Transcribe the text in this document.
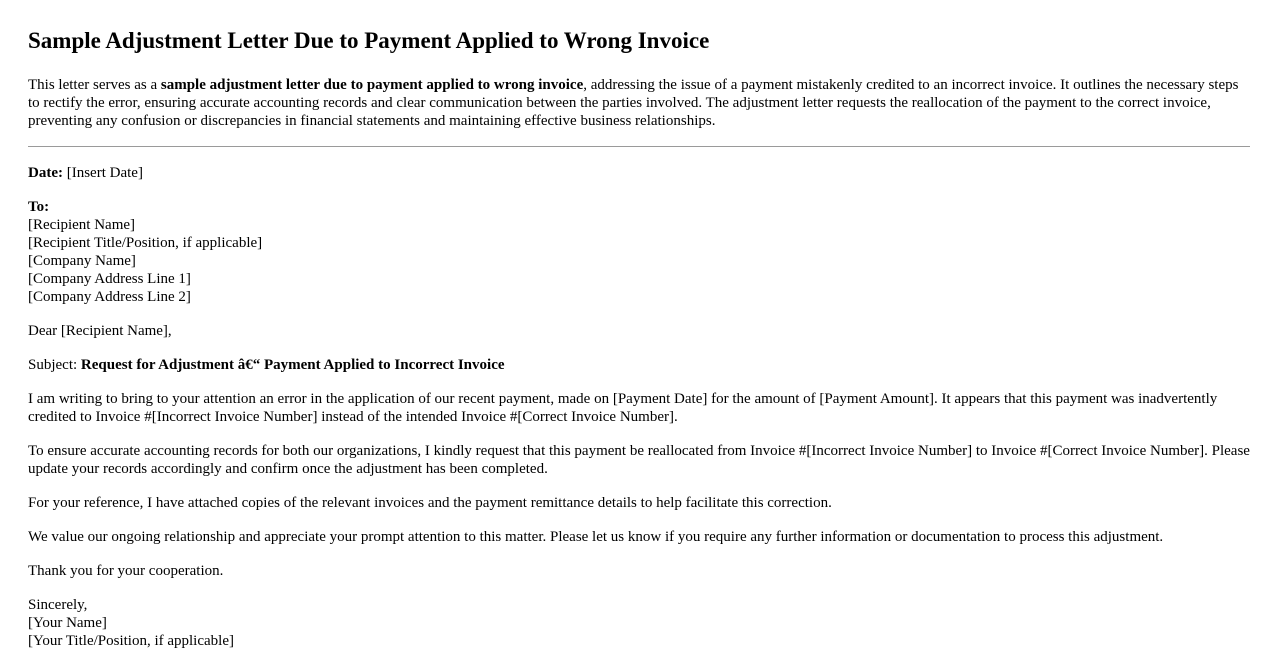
Sample Adjustment Letter Due to Payment Applied to Wrong Invoice

This letter serves as a sample adjustment letter due to payment applied to wrong invoice, addressing the issue of a payment mistakenly credited to an incorrect invoice. It outlines the necessary steps to rectify the error, ensuring accurate accounting records and clear communication between the parties involved. The adjustment letter requests the reallocation of the payment to the correct invoice, preventing any confusion or discrepancies in financial statements and maintaining effective business relationships.

Date: [Insert Date]

To:
[Recipient Name]
[Recipient Title/Position, if applicable]
[Company Name]
[Company Address Line 1]
[Company Address Line 2]

Dear [Recipient Name],

Subject: Request for Adjustment â€“ Payment Applied to Incorrect Invoice

I am writing to bring to your attention an error in the application of our recent payment, made on [Payment Date] for the amount of [Payment Amount]. It appears that this payment was inadvertently credited to Invoice #[Incorrect Invoice Number] instead of the intended Invoice #[Correct Invoice Number].

To ensure accurate accounting records for both our organizations, I kindly request that this payment be reallocated from Invoice #[Incorrect Invoice Number] to Invoice #[Correct Invoice Number]. Please update your records accordingly and confirm once the adjustment has been completed.

For your reference, I have attached copies of the relevant invoices and the payment remittance details to help facilitate this correction.

We value our ongoing relationship and appreciate your prompt attention to this matter. Please let us know if you require any further information or documentation to process this adjustment.

Thank you for your cooperation.

Sincerely,
[Your Name]
[Your Title/Position, if applicable]
